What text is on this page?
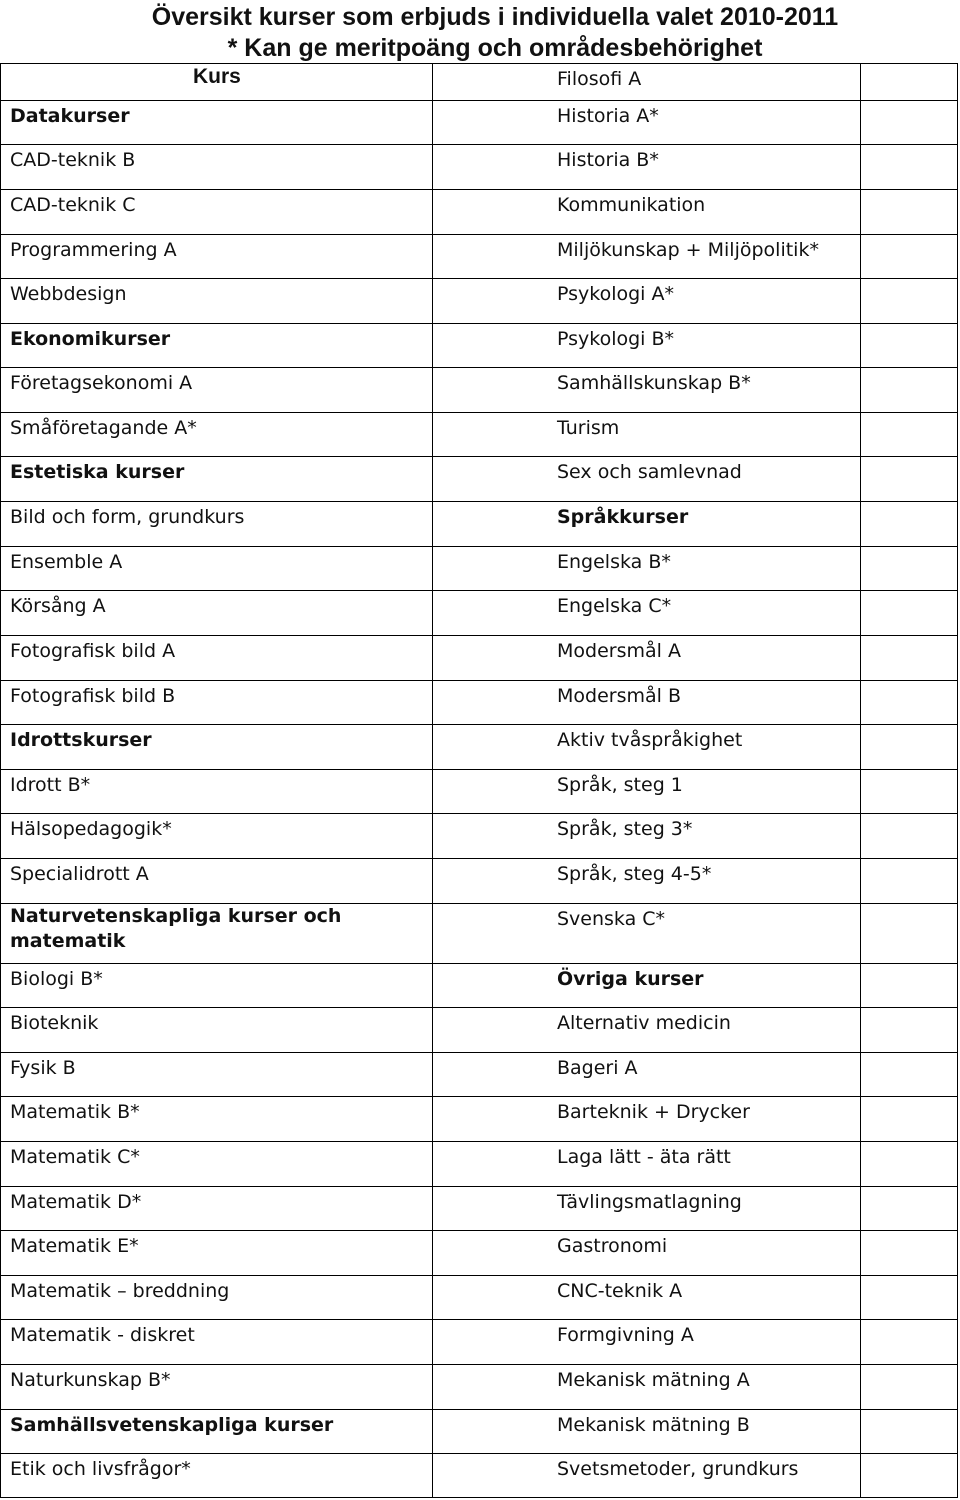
Översikt kurser som erbjuds i individuella valet 2010-2011
* Kan ge meritpoäng och områdesbehörighet
Kurs
Datakurser
CAD-teknik B
CAD-teknik C
Programmering A
Webbdesign
Ekonomikurser
Företagsekonomi A
Småföretagande A*
Estetiska kurser
Bild och form, grundkurs
Ensemble A
Körsång A
Fotografisk bild A
Fotografisk bild B
Idrottskurser
Idrott B*
Hälsopedagogik*
Specialidrott A
Naturvetenskapliga kurser och matematik
Biologi B*
Bioteknik
Fysik B
Matematik B*
Matematik C*
Matematik D*
Matematik E*
Matematik – breddning
Matematik - diskret
Naturkunskap B*
Samhällsvetenskapliga kurser
Etik och livsfrågor*
Filosofi A
Historia A*
Historia B*
Kommunikation
Miljökunskap + Miljöpolitik*
Psykologi A*
Psykologi B*
Samhällskunskap B*
Turism
Sex och samlevnad
Språkkurser
Engelska B*
Engelska C*
Modersmål A
Modersmål B
Aktiv tvåspråkighet
Språk, steg 1
Språk, steg 3*
Språk, steg 4-5*
Svenska C*
Övriga kurser
Alternativ medicin
Bageri A
Barteknik + Drycker
Laga lätt - äta rätt
Tävlingsmatlagning
Gastronomi
CNC-teknik A
Formgivning A
Mekanisk mätning A
Mekanisk mätning B
Svetsmetoder, grundkurs
